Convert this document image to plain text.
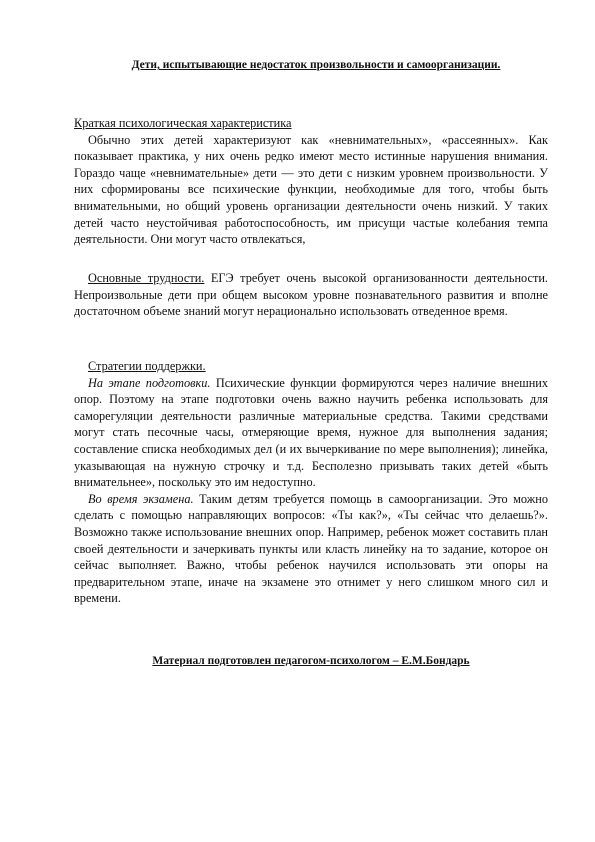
Дети, испытывающие недостаток произвольности и самоорганизации.

Краткая психологическая характеристика

Обычно этих детей характеризуют как «невнимательных», «рассеянных». Как показывает практика, у них очень редко имеют место истинные нарушения внимания. Гораздо чаще «невнимательные» дети — это дети с низким уровнем произвольности. У них сформированы все психические функции, необходимые для того, чтобы быть внимательными, но общий уровень организации деятельности очень низкий. У таких детей часто неустойчивая работоспособность, им присущи частые колебания темпа деятельности. Они могут часто отвлекаться,

Основные трудности. ЕГЭ требует очень высокой организованности деятельности. Непроизвольные дети при общем высоком уровне познавательного развития и вполне достаточном объеме знаний могут нерационально использовать отведенное время.

Стратегии поддержки.

На этапе подготовки. Психические функции формируются через наличие внешних опор. Поэтому на этапе подготовки очень важно научить ребенка использовать для саморегуляции деятельности различные материальные средства. Такими средствами могут стать песочные часы, отмеряющие время, нужное для выполнения задания; составление списка необходимых дел (и их вычеркивание по мере выполнения); линейка, указывающая на нужную строчку и т.д. Бесполезно призывать таких детей «быть внимательнее», поскольку это им недоступно.

Во время экзамена. Таким детям требуется помощь в самоорганизации. Это можно сделать с помощью направляющих вопросов: «Ты как?», «Ты сейчас что делаешь?». Возможно также использование внешних опор. Например, ребенок может составить план своей деятельности и зачеркивать пункты или класть линейку на то задание, которое он сейчас выполняет. Важно, чтобы ребенок научился использовать эти опоры на предварительном этапе, иначе на экзамене это отнимет у него слишком много сил и времени.

Материал подготовлен педагогом-психологом – Е.М.Бондарь
